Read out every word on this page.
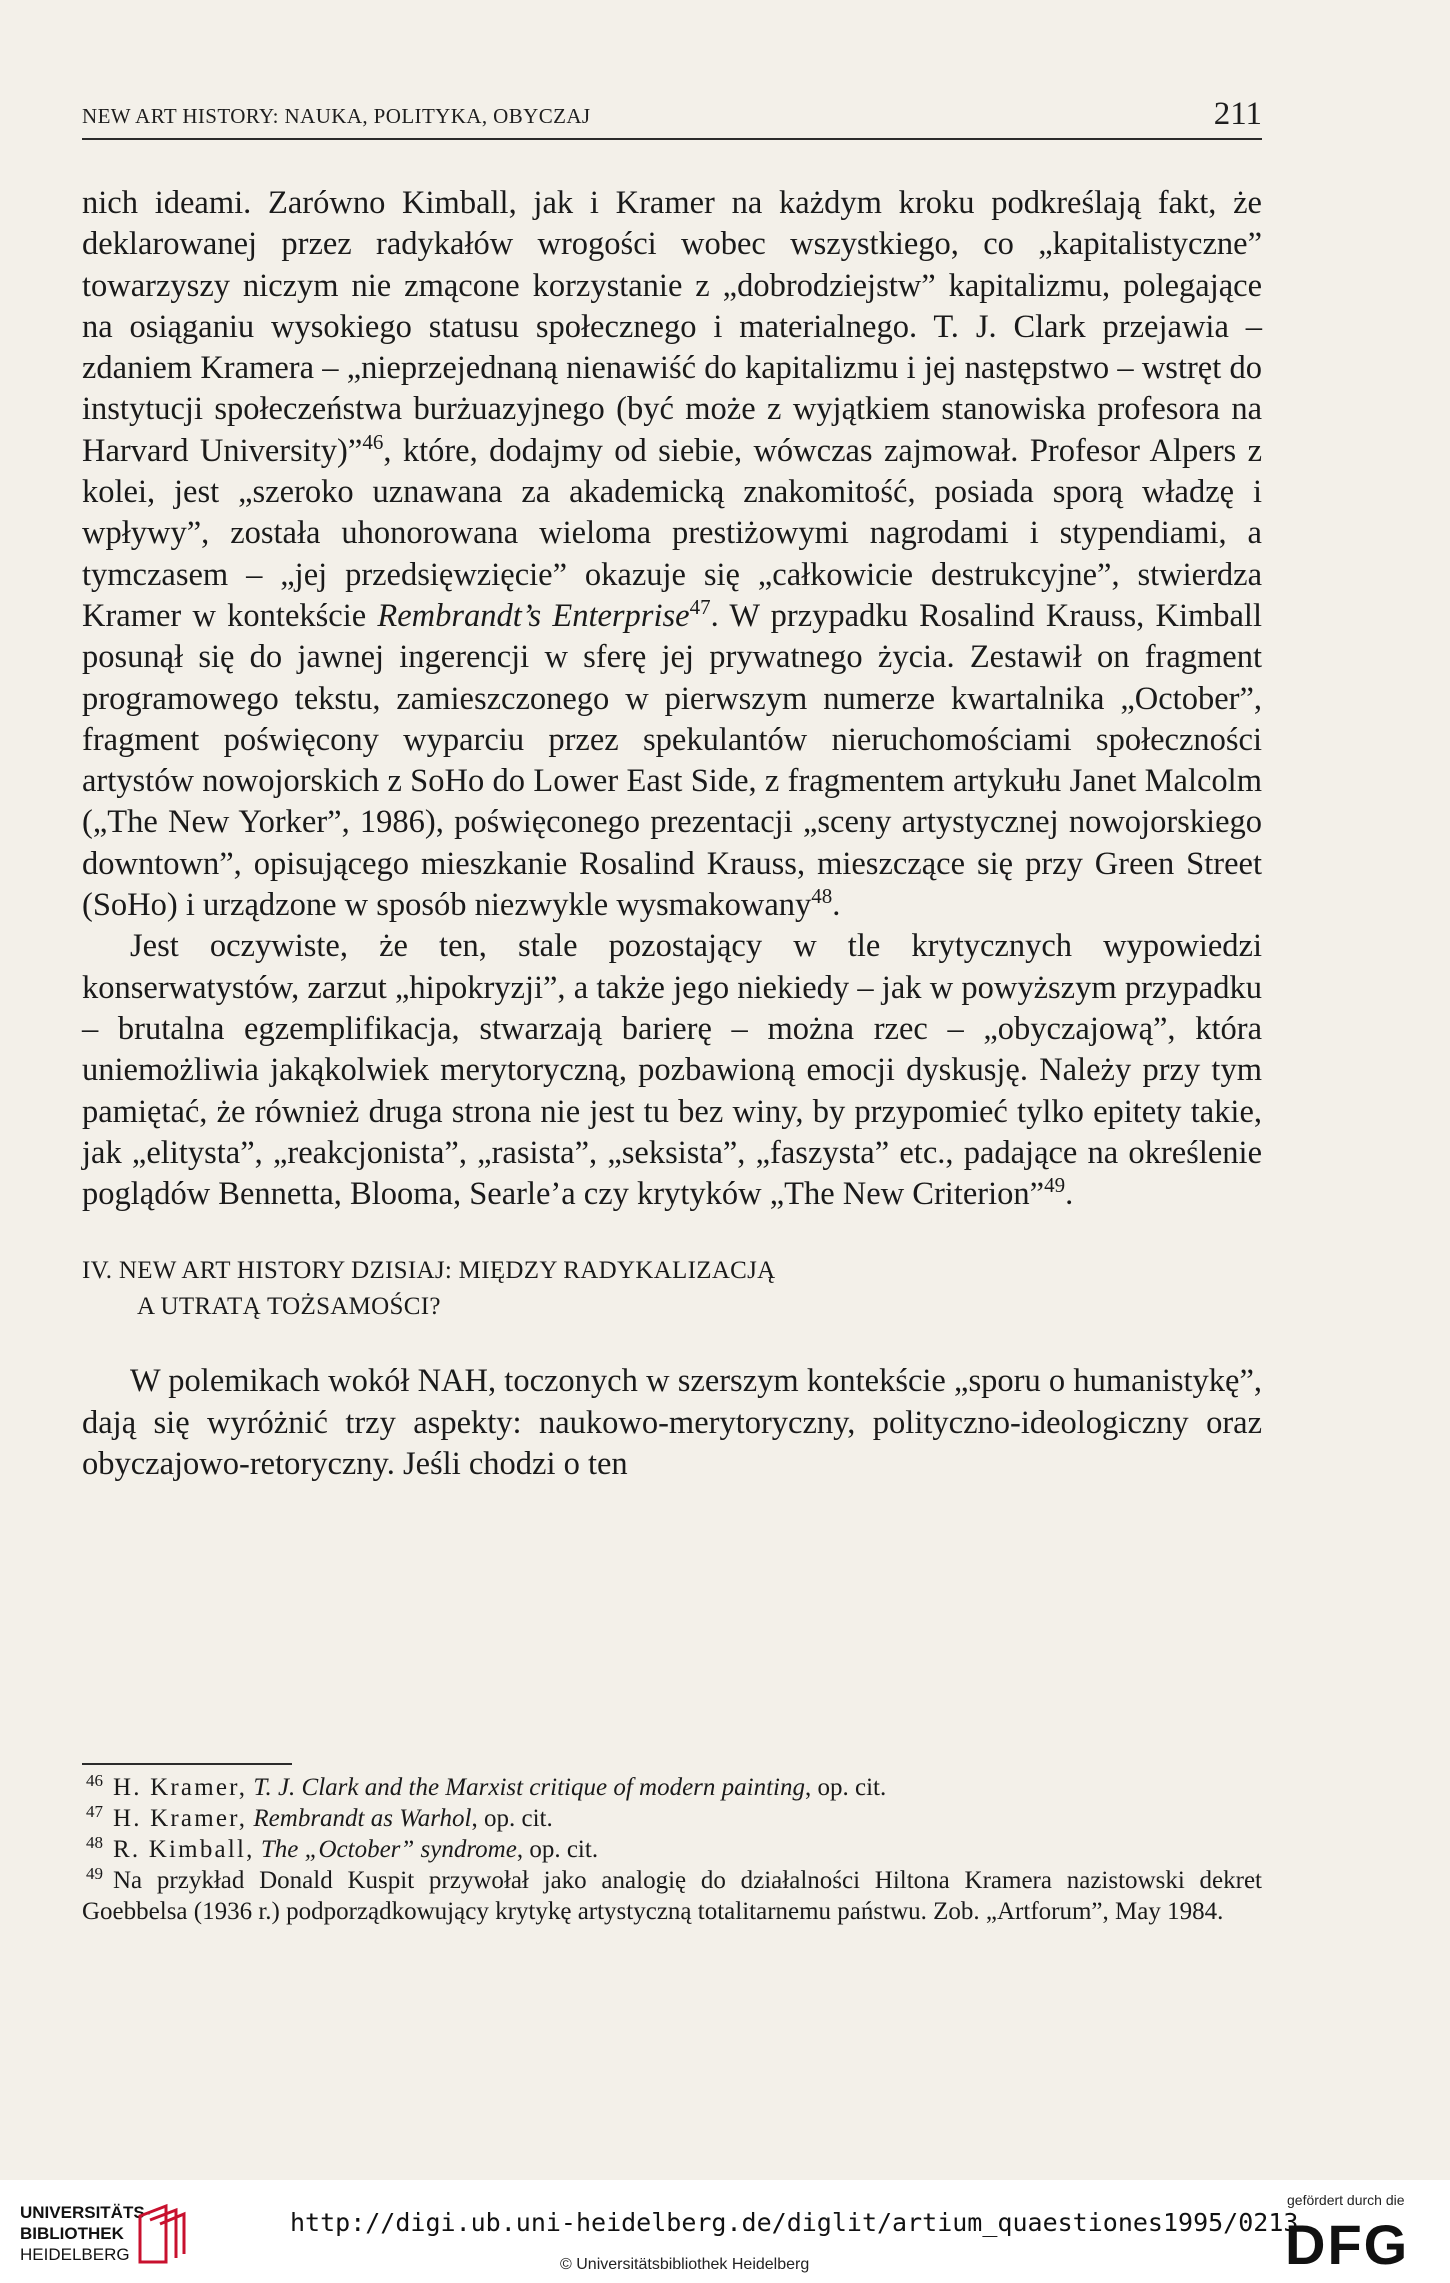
NEW ART HISTORY: NAUKA, POLITYKA, OBYCZAJ	211

nich ideami. Zarówno Kimball, jak i Kramer na każdym kroku podkreślają fakt, że deklarowanej przez radykałów wrogości wobec wszystkiego, co „kapitalistyczne” towarzyszy niczym nie zmącone korzystanie z „dobrodziejstw” kapitalizmu, polegające na osiąganiu wysokiego statusu społecznego i materialnego. T. J. Clark przejawia – zdaniem Kramera – „nieprzejednaną nienawiść do kapitalizmu i jej następstwo – wstręt do instytucji społeczeństwa burżuazyjnego (być może z wyjątkiem stanowiska profesora na Harvard University)”$^{46}$, które, dodajmy od siebie, wówczas zajmował. Profesor Alpers z kolei, jest „szeroko uznawana za akademicką znakomitość, posiada sporą władzę i wpływy”, została uhonorowana wieloma prestiżowymi nagrodami i stypendiami, a tymczasem – „jej przedsięwzięcie” okazuje się „całkowicie destrukcyjne”, stwierdza Kramer w kontekście Rembrandt’s Enterprise$^{47}$. W przypadku Rosalind Krauss, Kimball posunął się do jawnej ingerencji w sferę jej prywatnego życia. Zestawił on fragment programowego tekstu, zamieszczonego w pierwszym numerze kwartalnika „October”, fragment poświęcony wyparciu przez spekulantów nieruchomościami społeczności artystów nowojorskich z SoHo do Lower East Side, z fragmentem artykułu Janet Malcolm („The New Yorker”, 1986), poświęconego prezentacji „sceny artystycznej nowojorskiego downtown”, opisującego mieszkanie Rosalind Krauss, mieszczące się przy Green Street (SoHo) i urządzone w sposób niezwykle wysmakowany$^{48}$.

Jest oczywiste, że ten, stale pozostający w tle krytycznych wypowiedzi konserwatystów, zarzut „hipokryzji”, a także jego niekiedy – jak w powyższym przypadku – brutalna egzemplifikacja, stwarzają barierę – można rzec – „obyczajową”, która uniemożliwia jakąkolwiek merytoryczną, pozbawioną emocji dyskusję. Należy przy tym pamiętać, że również druga strona nie jest tu bez winy, by przypomieć tylko epitety takie, jak „elitysta”, „reakcjonista”, „rasista”, „seksista”, „faszysta” etc., padające na określenie poglądów Bennetta, Blooma, Searle’a czy krytyków „The New Criterion”$^{49}$.

IV. NEW ART HISTORY DZISIAJ: MIĘDZY RADYKALIZACJĄ
A UTRATĄ TOŻSAMOŚCI?

W polemikach wokół NAH, toczonych w szerszym kontekście „sporu o humanistykę”, dają się wyróżnić trzy aspekty: naukowo-merytoryczny, polityczno-ideologiczny oraz obyczajowo-retoryczny. Jeśli chodzi o ten

$^{46}$ H. Kramer, T. J. Clark and the Marxist critique of modern painting, op. cit.

$^{47}$ H. Kramer, Rembrandt as Warhol, op. cit.

$^{48}$ R. Kimball, The „October” syndrome, op. cit.

$^{49}$ Na przykład Donald Kuspit przywołał jako analogię do działalności Hiltona Kramera nazistowski dekret Goebbelsa (1936 r.) podporządkowujący krytykę artystyczną totalitarnemu państwu. Zob. „Artforum”, May 1984.

UNIVERSITÄTS-
BIBLIOTHEK
HEIDELBERG
http://digi.ub.uni-heidelberg.de/diglit/artium_quaestiones1995/0213
© Universitätsbibliothek Heidelberg
gefördert durch die
DFG
